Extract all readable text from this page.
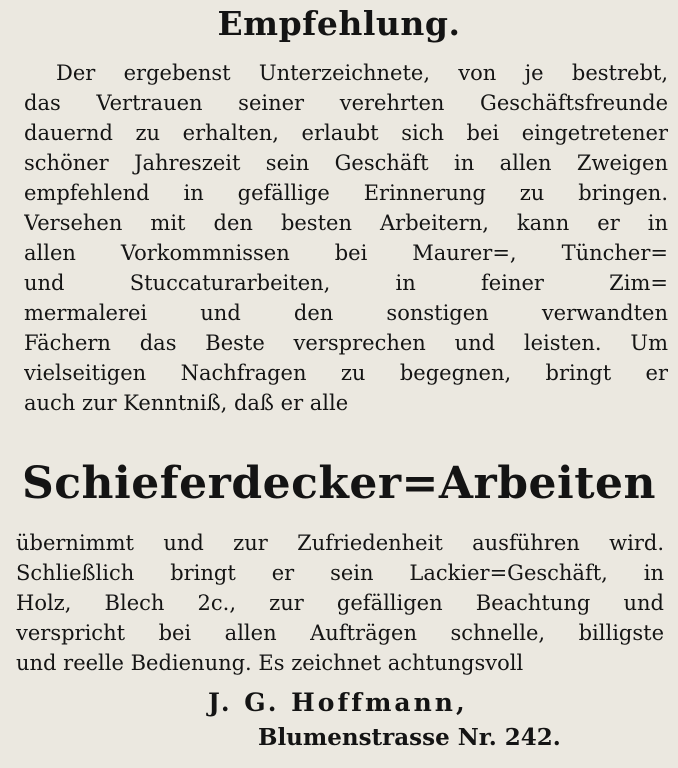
Empfehlung.
Der ergebenst Unterzeichnete, von je bestrebt,
das Vertrauen seiner verehrten Geschäftsfreunde
dauernd zu erhalten, erlaubt sich bei eingetretener
schöner Jahreszeit sein Geschäft in allen Zweigen
empfehlend in gefällige Erinnerung zu bringen.
Versehen mit den besten Arbeitern, kann er in
allen Vorkommnissen bei Maurer=, Tüncher=
und Stuccaturarbeiten, in feiner Zim=
mermalerei und den sonstigen verwandten
Fächern das Beste versprechen und leisten. Um
vielseitigen Nachfragen zu begegnen, bringt er
auch zur Kenntniß, daß er alle
Schieferdecker=Arbeiten
übernimmt und zur Zufriedenheit ausführen wird.
Schließlich bringt er sein Lackier=Geschäft, in
Holz, Blech 2c., zur gefälligen Beachtung und
verspricht bei allen Aufträgen schnelle, billigste
und reelle Bedienung. Es zeichnet achtungsvoll
J. G. Hoffmann,
Blumenstrasse Nr. 242.
